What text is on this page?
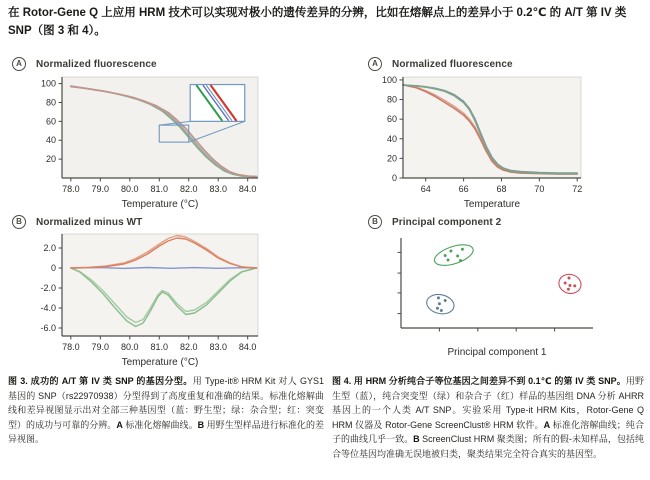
在 Rotor-Gene Q 上应用 HRM 技术可以实现对极小的遗传差异的分辨，比如在熔解点上的差异小于 0.2℃ 的 A/T 第 IV 类 SNP（图 3 和 4）。

A	Normalized fluorescence
78.0 79.0 80.0 81.0 82.0 83.0 84.0
20
40
60
80
100
Temperature (°C)
A	Normalized fluorescence
64	66	68	70	72
0
20
40
60
80
100
Temperature
B	Normalized minus WT
78.0 79.0 80.0 81.0 82.0 83.0 84.0
2.0
0
-2.0
-4.0
-6.0
Temperature (°C)
B	Principal component 2
Principal component 1

图 3. 成功的 A/T 第 IV 类 SNP 的基因分型。用 Type-it® HRM Kit 对人 GYS1 基因的 SNP（rs22970938）分型得到了高度重复和准确的结果。标准化熔解曲线和差异视图显示出对全部三种基因型（蓝：野生型；绿：杂合型；红：突变型）的成功与可靠的分辨。A 标准化熔解曲线。B 用野生型样品进行标准化的差异视图。

图 4. 用 HRM 分析纯合子等位基因之间差异不到 0.1℃ 的第 IV 类 SNP。用野生型（蓝），纯合突变型（绿）和杂合子（红）样品的基因组 DNA 分析 AHRR 基因上的一个人类 A/T SNP。实验采用 Type-it HRM Kits，Rotor-Gene Q HRM 仪器及 Rotor-Gene ScreenClust® HRM 软件。A 标准化溶解曲线；纯合子的曲线几乎一致。B ScreenClust HRM 聚类图；所有的假-未知样品，包括纯合等位基因均准确无误地被归类，聚类结果完全符合真实的基因型。
